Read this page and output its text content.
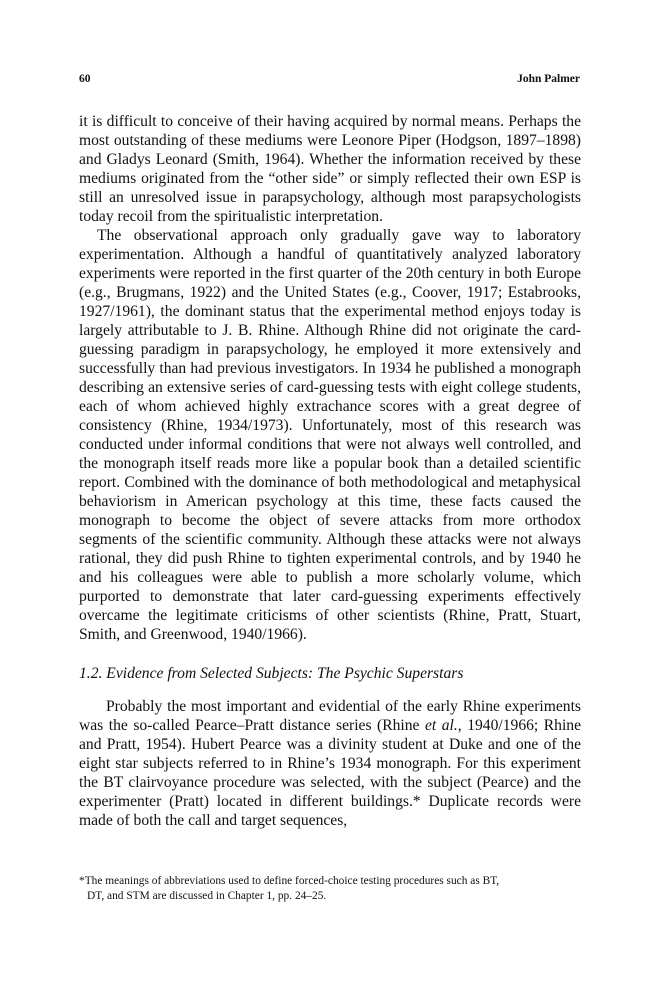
60	John Palmer

it is difficult to conceive of their having acquired by normal means. Perhaps the most outstanding of these mediums were Leonore Piper (Hodgson, 1897–1898) and Gladys Leonard (Smith, 1964). Whether the information received by these mediums originated from the “other side” or simply reflected their own ESP is still an unresolved issue in parapsychology, although most parapsychologists today recoil from the spiritualistic interpretation.

The observational approach only gradually gave way to laboratory experimentation. Although a handful of quantitatively analyzed laboratory experiments were reported in the first quarter of the 20th century in both Europe (e.g., Brugmans, 1922) and the United States (e.g., Coover, 1917; Estabrooks, 1927/1961), the dominant status that the experimental method enjoys today is largely attributable to J. B. Rhine. Although Rhine did not originate the card-guessing paradigm in parapsychology, he employed it more extensively and successfully than had previous investigators. In 1934 he published a monograph describing an extensive series of card-guessing tests with eight college students, each of whom achieved highly extrachance scores with a great degree of consistency (Rhine, 1934/1973). Unfortunately, most of this research was conducted under informal conditions that were not always well controlled, and the monograph itself reads more like a popular book than a detailed scientific report. Combined with the dominance of both methodological and metaphysical behaviorism in American psychology at this time, these facts caused the monograph to become the object of severe attacks from more orthodox segments of the scientific community. Although these attacks were not always rational, they did push Rhine to tighten experimental controls, and by 1940 he and his colleagues were able to publish a more scholarly volume, which purported to demonstrate that later card-guessing experiments effectively overcame the legitimate criticisms of other scientists (Rhine, Pratt, Stuart, Smith, and Greenwood, 1940/1966).

1.2. Evidence from Selected Subjects: The Psychic Superstars

Probably the most important and evidential of the early Rhine experiments was the so-called Pearce–Pratt distance series (Rhine et al., 1940/1966; Rhine and Pratt, 1954). Hubert Pearce was a divinity student at Duke and one of the eight star subjects referred to in Rhine’s 1934 monograph. For this experiment the BT clairvoyance procedure was selected, with the subject (Pearce) and the experimenter (Pratt) located in different buildings.* Duplicate records were made of both the call and target sequences,

*The meanings of abbreviations used to define forced-choice testing procedures such as BT,
DT, and STM are discussed in Chapter 1, pp. 24–25.
